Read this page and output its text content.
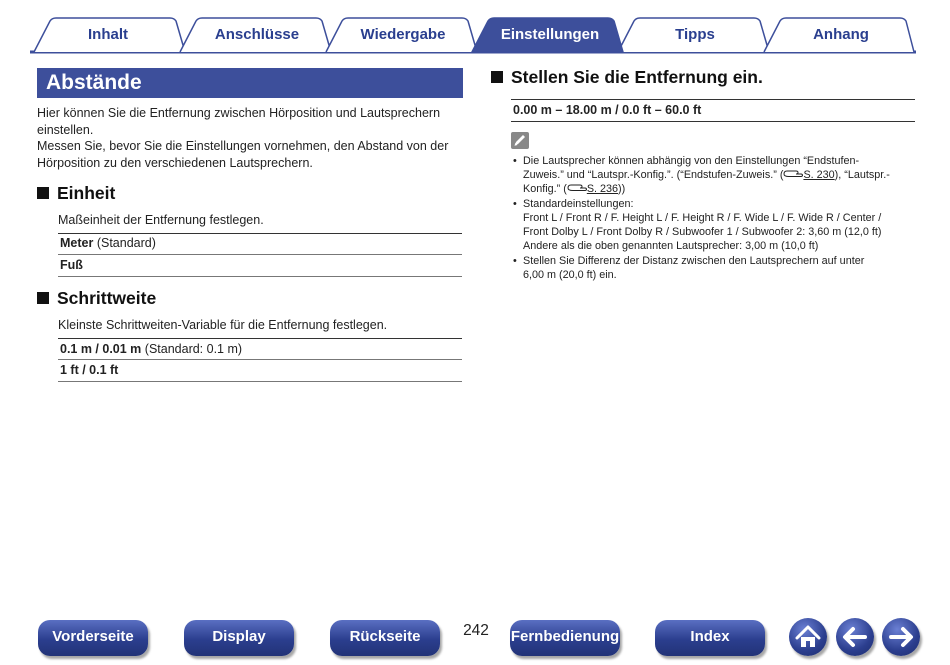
Inhalt	Anschlüsse	Wiedergabe	Einstellungen	Tipps	Anhang
Abstände
Hier können Sie die Entfernung zwischen Hörposition und Lautsprechern einstellen.
Messen Sie, bevor Sie die Einstellungen vornehmen, den Abstand von der Hörposition zu den verschiedenen Lautsprechern.
Einheit
Maßeinheit der Entfernung festlegen.
Meter (Standard)
Fuß
Schrittweite
Kleinste Schrittweiten-Variable für die Entfernung festlegen.
0.1 m / 0.01 m (Standard: 0.1 m)
1 ft / 0.1 ft
Stellen Sie die Entfernung ein.
0.00 m – 18.00 m / 0.0 ft – 60.0 ft
• Die Lautsprecher können abhängig von den Einstellungen “Endstufen-
Zuweis.” und “Lautspr.-Konfig.”. (“Endstufen-Zuweis.” ( S. 230), “Lautspr.-
Konfig.” ( S. 236))
• Standardeinstellungen:
Front L / Front R / F. Height L / F. Height R / F. Wide L / F. Wide R / Center /
Front Dolby L / Front Dolby R / Subwoofer 1 / Subwoofer 2: 3,60 m (12,0 ft)
Andere als die oben genannten Lautsprecher: 3,00 m (10,0 ft)
• Stellen Sie Differenz der Distanz zwischen den Lautsprechern auf unter
6,00 m (20,0 ft) ein.
Vorderseite	Display	Rückseite	242	Fernbedienung	Index
